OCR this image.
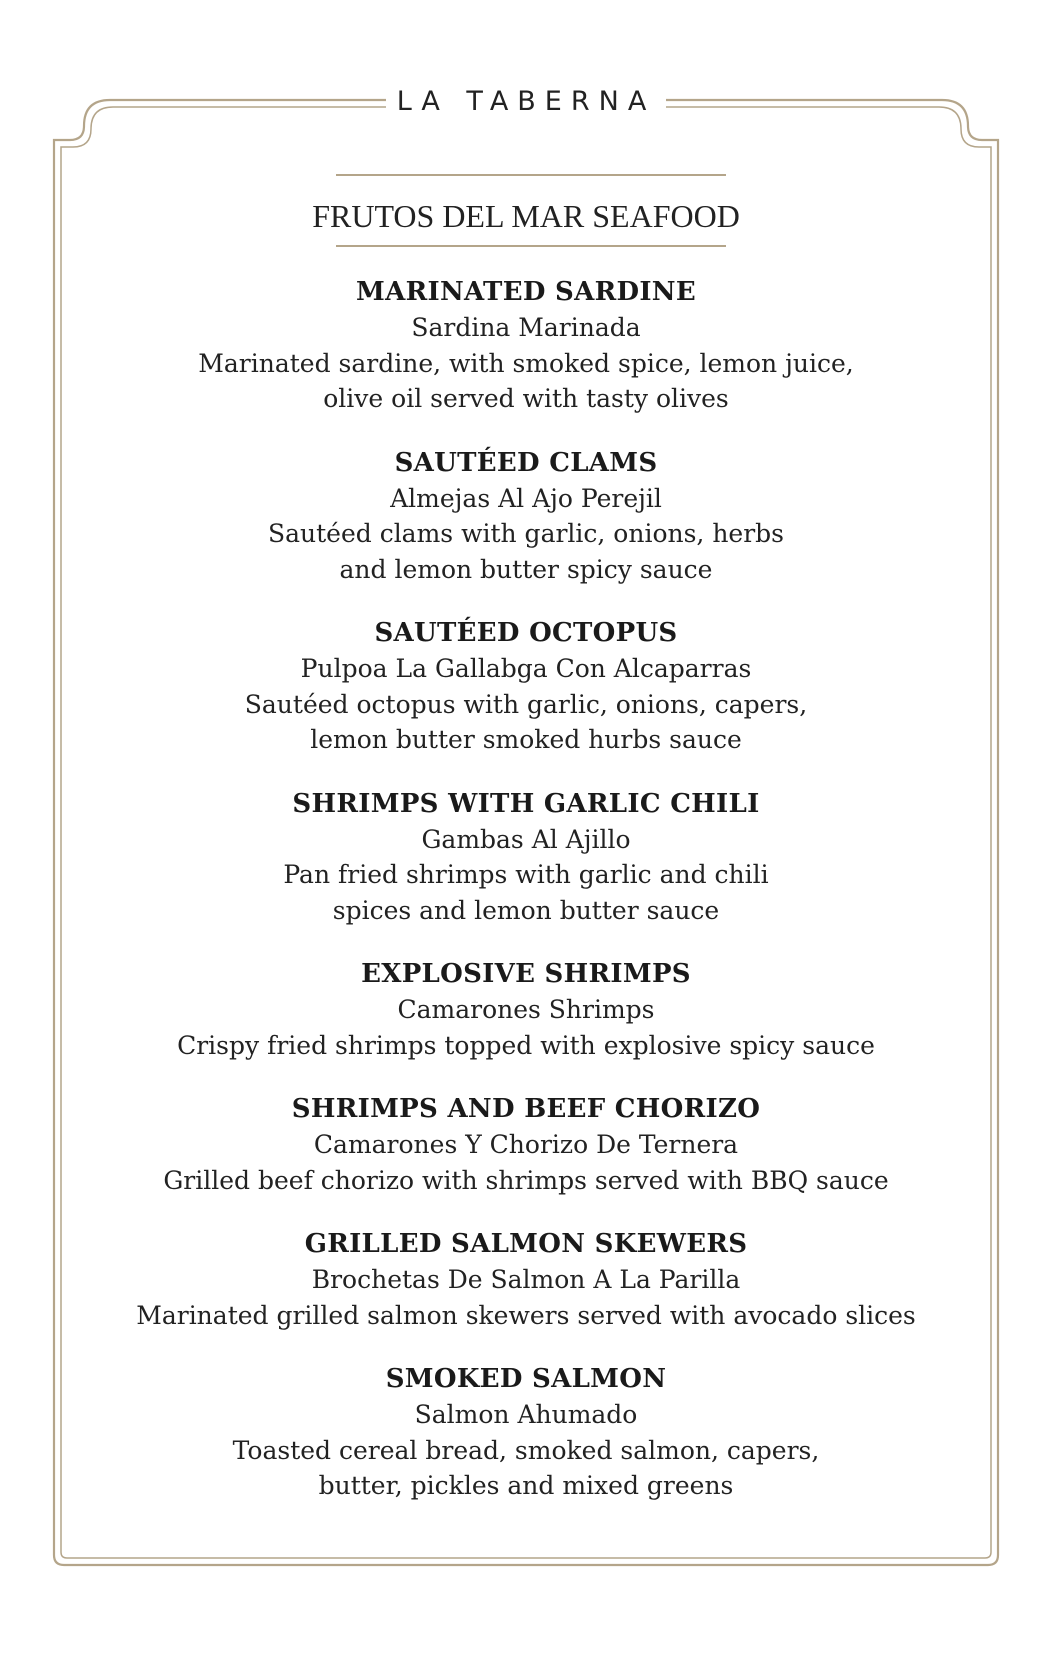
LA TABERNA
FRUTOS DEL MAR SEAFOOD
MARINATED SARDINE
Sardina Marinada
Marinated sardine, with smoked spice, lemon juice,
olive oil served with tasty olives
SAUTÉED CLAMS
Almejas Al Ajo Perejil
Sautéed clams with garlic, onions, herbs
and lemon butter spicy sauce
SAUTÉED OCTOPUS
Pulpoa La Gallabga Con Alcaparras
Sautéed octopus with garlic, onions, capers,
lemon butter smoked hurbs sauce
SHRIMPS WITH GARLIC CHILI
Gambas Al Ajillo
Pan fried shrimps with garlic and chili
spices and lemon butter sauce
EXPLOSIVE SHRIMPS
Camarones Shrimps
Crispy fried shrimps topped with explosive spicy sauce
SHRIMPS AND BEEF CHORIZO
Camarones Y Chorizo De Ternera
Grilled beef chorizo with shrimps served with BBQ sauce
GRILLED SALMON SKEWERS
Brochetas De Salmon A La Parilla
Marinated grilled salmon skewers served with avocado slices
SMOKED SALMON
Salmon Ahumado
Toasted cereal bread, smoked salmon, capers,
butter, pickles and mixed greens
